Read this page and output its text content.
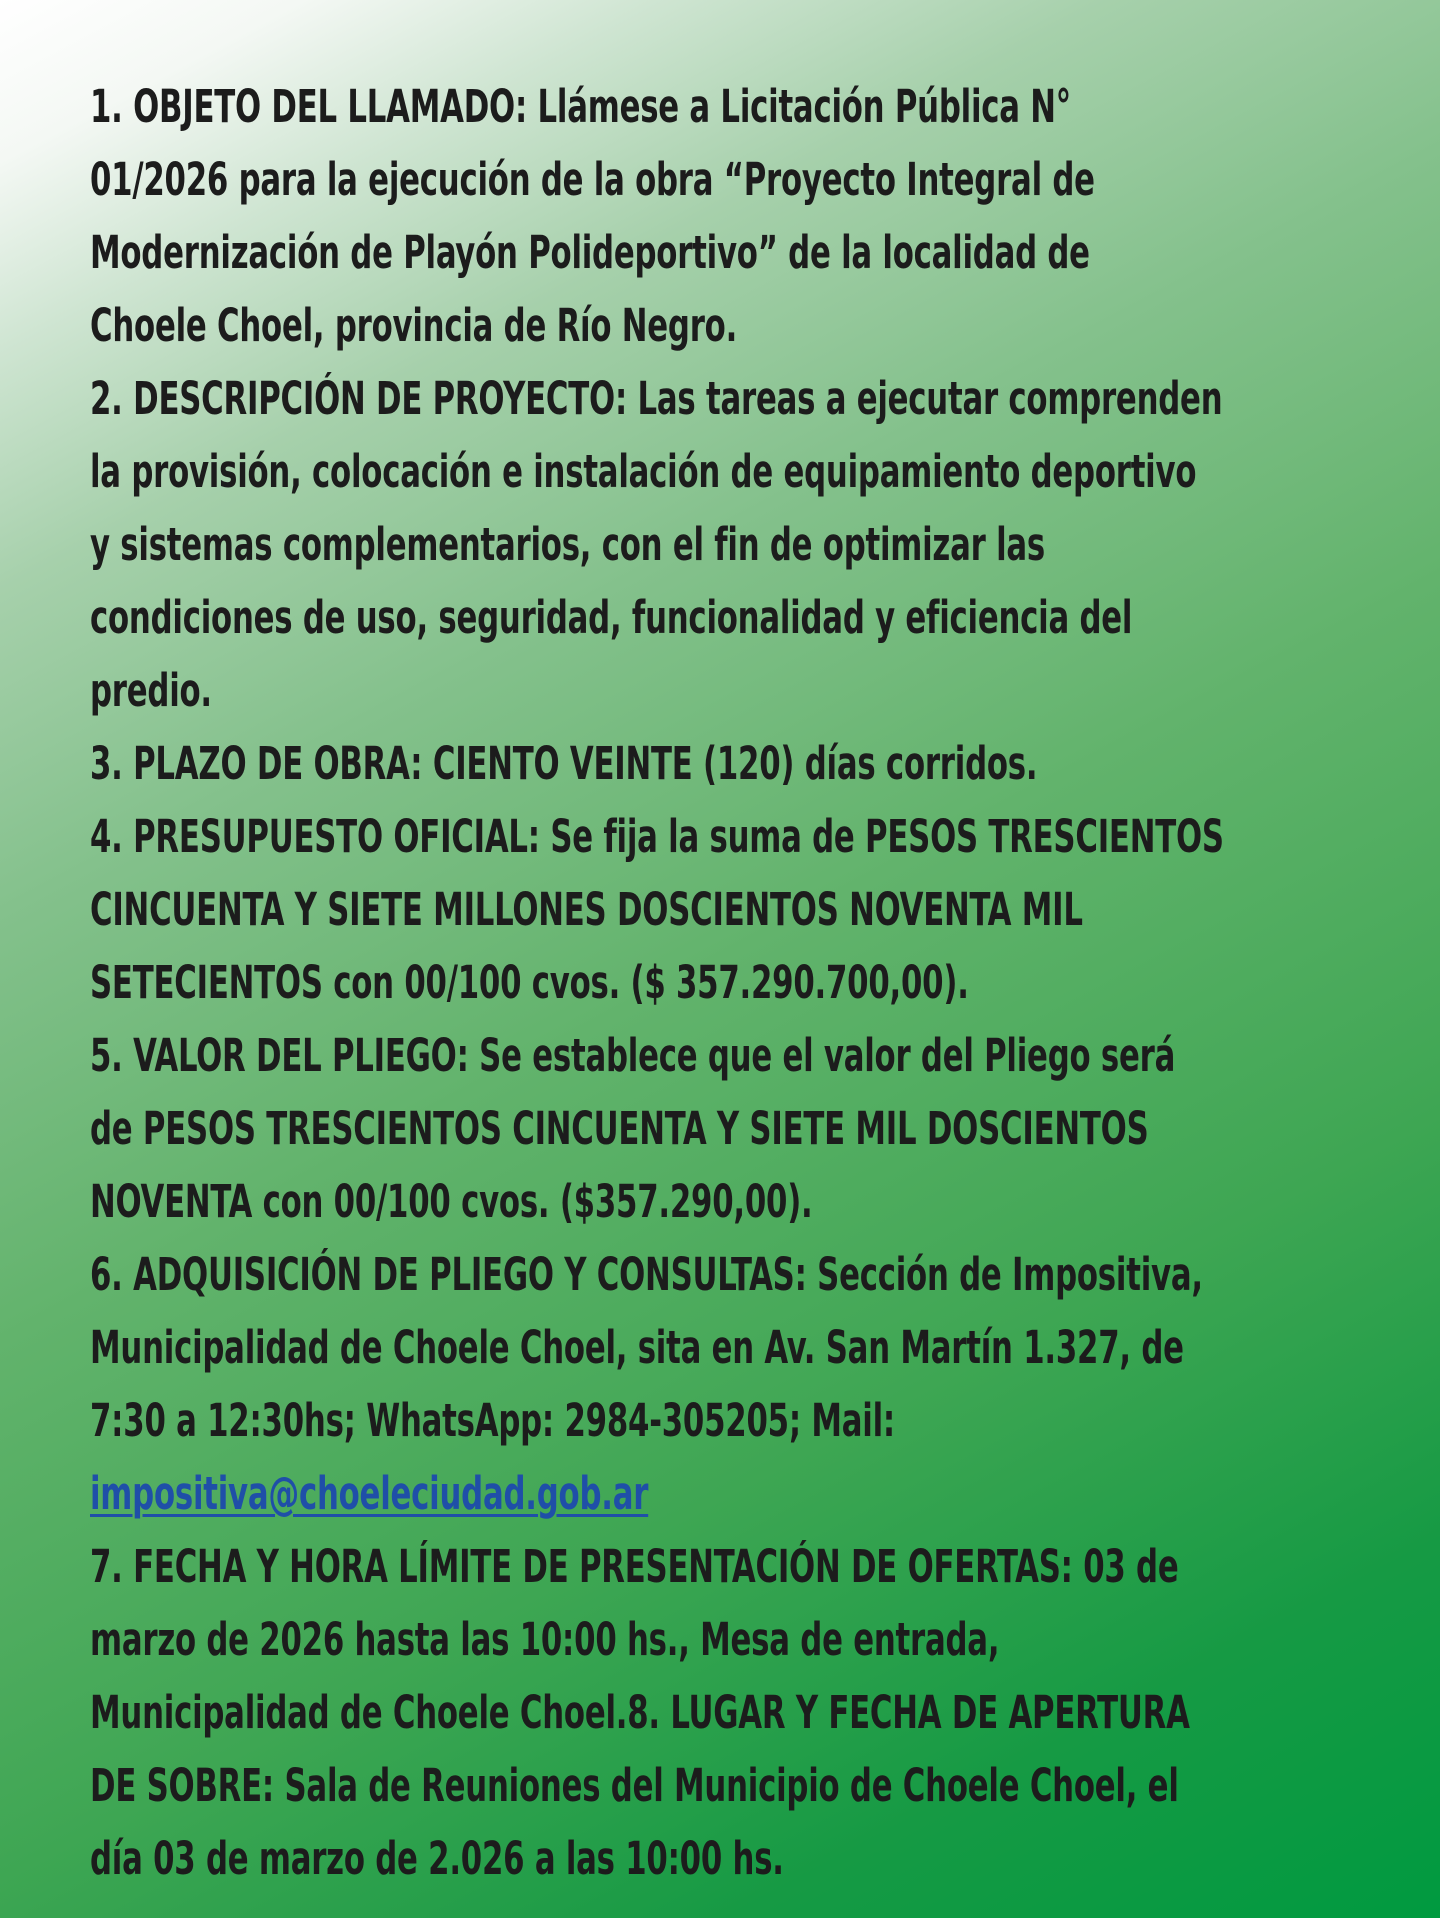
1. OBJETO DEL LLAMADO: Llámese a Licitación Pública N°
01/2026 para la ejecución de la obra “Proyecto Integral de
Modernización de Playón Polideportivo” de la localidad de
Choele Choel, provincia de Río Negro.
2. DESCRIPCIÓN DE PROYECTO: Las tareas a ejecutar comprenden
la provisión, colocación e instalación de equipamiento deportivo
y sistemas complementarios, con el fin de optimizar las
condiciones de uso, seguridad, funcionalidad y eficiencia del
predio.
3. PLAZO DE OBRA: CIENTO VEINTE (120) días corridos.
4. PRESUPUESTO OFICIAL: Se fija la suma de PESOS TRESCIENTOS
CINCUENTA Y SIETE MILLONES DOSCIENTOS NOVENTA MIL
SETECIENTOS con 00/100 cvos. ($ 357.290.700,00).
5. VALOR DEL PLIEGO: Se establece que el valor del Pliego será
de PESOS TRESCIENTOS CINCUENTA Y SIETE MIL DOSCIENTOS
NOVENTA con 00/100 cvos. ($357.290,00).
6. ADQUISICIÓN DE PLIEGO Y CONSULTAS: Sección de Impositiva,
Municipalidad de Choele Choel, sita en Av. San Martín 1.327, de
7:30 a 12:30hs; WhatsApp: 2984-305205; Mail:
impositiva@choeleciudad.gob.ar
7. FECHA Y HORA LÍMITE DE PRESENTACIÓN DE OFERTAS: 03 de
marzo de 2026 hasta las 10:00 hs., Mesa de entrada,
Municipalidad de Choele Choel.8. LUGAR Y FECHA DE APERTURA
DE SOBRE: Sala de Reuniones del Municipio de Choele Choel, el
día 03 de marzo de 2.026 a las 10:00 hs.
